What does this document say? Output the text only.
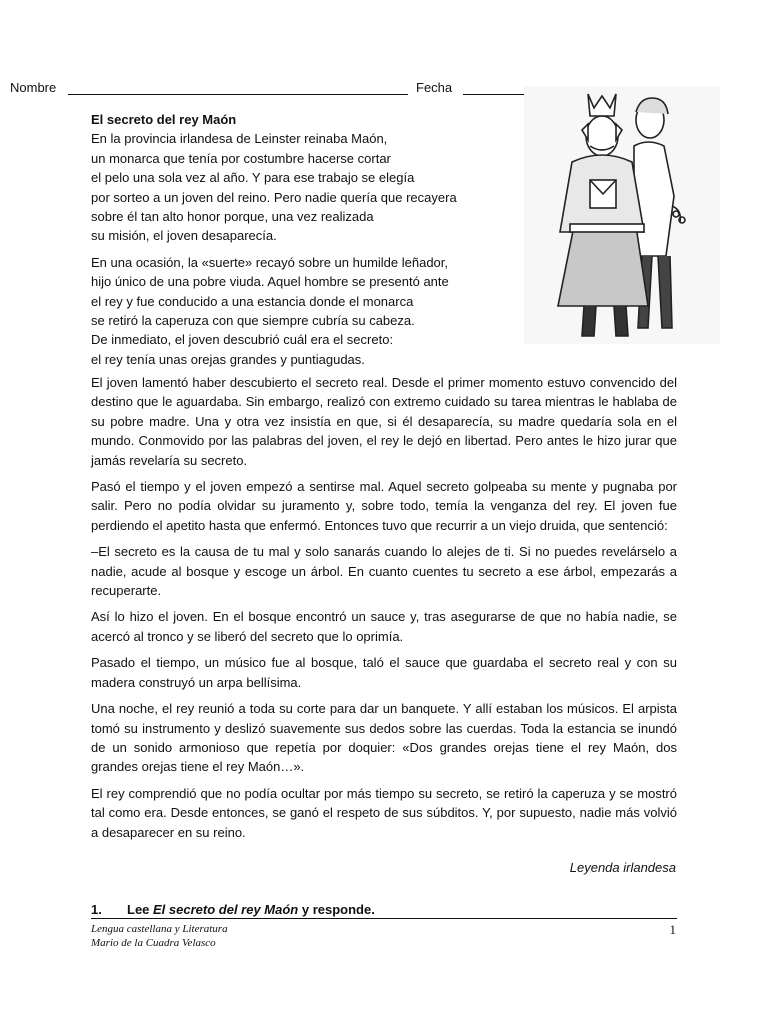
Nombre	Fecha

El secreto del rey Maón

En la provincia irlandesa de Leinster reinaba Maón,
un monarca que tenía por costumbre hacerse cortar
el pelo una sola vez al año. Y para ese trabajo se elegía
por sorteo a un joven del reino. Pero nadie quería que recayera
sobre él tan alto honor porque, una vez realizada
su misión, el joven desaparecía.

En una ocasión, la «suerte» recayó sobre un humilde leñador,
hijo único de una pobre viuda. Aquel hombre se presentó ante
el rey y fue conducido a una estancia donde el monarca
se retiró la caperuza con que siempre cubría su cabeza.
De inmediato, el joven descubrió cuál era el secreto:
el rey tenía unas orejas grandes y puntiagudas.

El joven lamentó haber descubierto el secreto real. Desde el primer momento estuvo convencido del destino que le aguardaba. Sin embargo, realizó con extremo cuidado su tarea mientras le hablaba de su pobre madre. Una y otra vez insistía en que, si él desaparecía, su madre quedaría sola en el mundo. Conmovido por las palabras del joven, el rey le dejó en libertad. Pero antes le hizo jurar que jamás revelaría su secreto.

Pasó el tiempo y el joven empezó a sentirse mal. Aquel secreto golpeaba su mente y pugnaba por salir. Pero no podía olvidar su juramento y, sobre todo, temía la venganza del rey. El joven fue perdiendo el apetito hasta que enfermó. Entonces tuvo que recurrir a un viejo druida, que sentenció:

–El secreto es la causa de tu mal y solo sanarás cuando lo alejes de ti. Si no puedes revelárselo a nadie, acude al bosque y escoge un árbol. En cuanto cuentes tu secreto a ese árbol, empezarás a recuperarte.

Así lo hizo el joven. En el bosque encontró un sauce y, tras asegurarse de que no había nadie, se acercó al tronco y se liberó del secreto que lo oprimía.

Pasado el tiempo, un músico fue al bosque, taló el sauce que guardaba el secreto real y con su madera construyó un arpa bellísima.

Una noche, el rey reunió a toda su corte para dar un banquete. Y allí estaban los músicos. El arpista tomó su instrumento y deslizó suavemente sus dedos sobre las cuerdas. Toda la estancia se inundó de un sonido armonioso que repetía por doquier: «Dos grandes orejas tiene el rey Maón, dos grandes orejas tiene el rey Maón…».

El rey comprendió que no podía ocultar por más tiempo su secreto, se retiró la caperuza y se mostró tal como era. Desde entonces, se ganó el respeto de sus súbditos. Y, por supuesto, nadie más volvió a desaparecer en su reino.

Leyenda irlandesa
1. Lee El secreto del rey Maón y responde.
Lengua castellana y Literatura
Mario de la Cuadra Velasco
1
